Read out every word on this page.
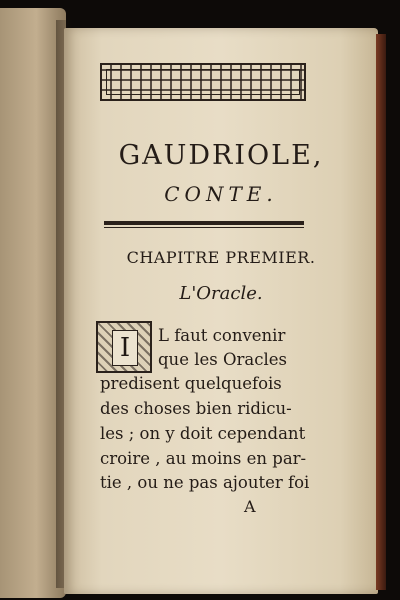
GAUDRIOLE,
CONTE.
CHAPITRE PREMIER.
L'Oracle.
I	L faut convenir
que les Oracles
predisent quelquefois
des choses bien ridicu-
les ; on y doit cependant
croire , au moins en par-
tie , ou ne pas ajouter foi
A
